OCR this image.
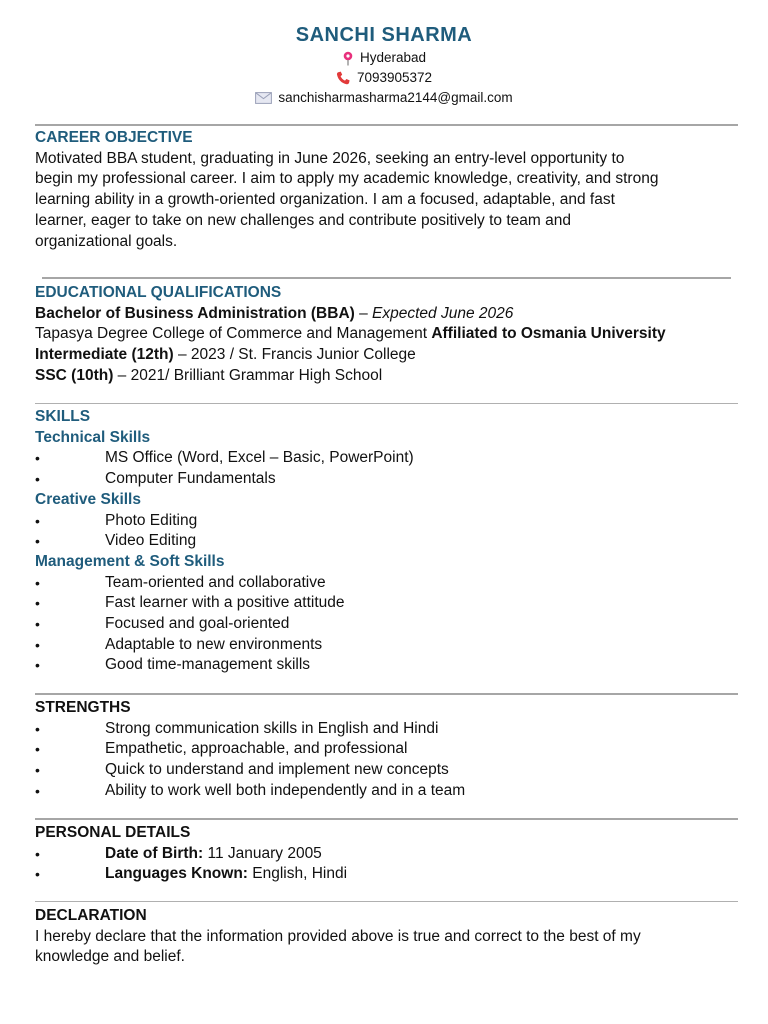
SANCHI SHARMA
Hyderabad
7093905372
sanchisharmasharma2144@gmail.com
CAREER OBJECTIVE
Motivated BBA student, graduating in June 2026, seeking an entry-level opportunity to
begin my professional career. I aim to apply my academic knowledge, creativity, and strong
learning ability in a growth-oriented organization. I am a focused, adaptable, and fast
learner, eager to take on new challenges and contribute positively to team and
organizational goals.
EDUCATIONAL QUALIFICATIONS
Bachelor of Business Administration (BBA) – Expected June 2026
Tapasya Degree College of Commerce and Management Affiliated to Osmania University
Intermediate (12th) – 2023 / St. Francis Junior College
SSC (10th) – 2021/ Brilliant Grammar High School
SKILLS
Technical Skills
•	MS Office (Word, Excel – Basic, PowerPoint)
•	Computer Fundamentals
Creative Skills
•	Photo Editing
•	Video Editing
Management & Soft Skills
•	Team-oriented and collaborative
•	Fast learner with a positive attitude
•	Focused and goal-oriented
•	Adaptable to new environments
•	Good time-management skills
STRENGTHS
•	Strong communication skills in English and Hindi
•	Empathetic, approachable, and professional
•	Quick to understand and implement new concepts
•	Ability to work well both independently and in a team
PERSONAL DETAILS
•	Date of Birth: 11 January 2005
•	Languages Known: English, Hindi
DECLARATION
I hereby declare that the information provided above is true and correct to the best of my
knowledge and belief.
